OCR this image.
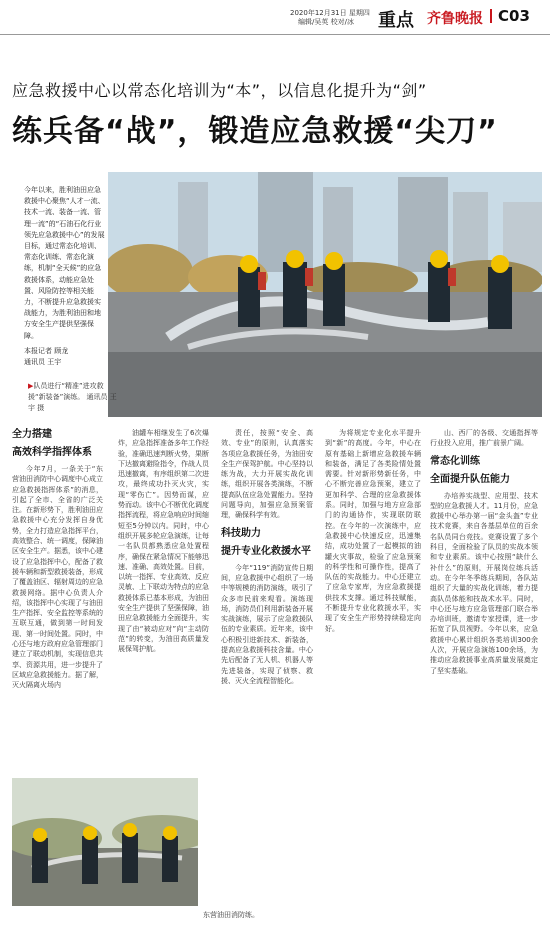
2020年12月31日 星期四
编辑/吴英 校对/冰	重点 齐鲁晚报 C03
应急救援中心以常态化培训为“本”，以信息化提升为“剑”
练兵备“战”，锻造应急救援“尖刀”

今年以来，胜利油田应急救援中心聚焦“人才一流、技术一流、装备一流、管理一流”的“石油石化行业领先应急救援中心”的发展目标，通过常态化培训、常态化训练、常态化演练，机制“全天候”的应急救援体系，动能应急处置、风险防控等相关能力，不断提升应急救援实战能力，为胜利油田和地方安全生产提供坚强保障。

本报记者 顾龙

通讯员 王宇

▶队员进行“精准”进攻救援“新装备”演练。 通讯员 王宇 摄
全力搭建
高效科学指挥体系

今年7月，一条关于“东营油田消防中心调度中心成立应急救援指挥体系”的消息，引起了全市、全省的广泛关注。在新形势下，胜利油田应急救援中心充分发挥自身优势，全力打造应急指挥平台，高效整合、统一调度，保障油区安全生产。据悉，该中心建设了应急指挥中心，配备了救援车辆和新型救援装备，形成了覆盖油区、辐射周边的应急救援网络。据中心负责人介绍，该指挥中心实现了与油田生产指挥、安全监控等系统的互联互通，做到第一时间发现、第一时间处置。同时，中心还与地方政府应急管理部门建立了联动机制，实现信息共享、资源共用，进一步提升了区域应急救援能力。据了解，灭火隔离火场内

油罐车相继发生了6次爆炸，应急指挥准备多年工作经验，准确迅速判断火势，果断下达撤离避险指令，作战人员迅速撤离，有序组织第二次进攻，最终成功扑灭火灾，实现“零伤亡”。因势而谋，应势而动。该中心不断优化调度指挥流程，将应急响应时间缩短至5分钟以内。同时，中心组织开展多轮应急演练，让每一名队员都熟悉应急处置程序，确保在紧急情况下能够迅速、准确、高效处置。目前，以统一指挥、专业高效、反应灵敏、上下联动为特点的应急救援体系已基本形成，为油田安全生产提供了坚强保障，油田应急救援能力全面提升，实现了由“被动应对”向“主动防范”的转变，为油田高质量发展保驾护航。

责任，按照“安全、高效、专业”的原则，认真落实各项应急救援任务，为油田安全生产保驾护航。中心坚持以练为战，大力开展实战化训练，组织开展各类演练，不断提高队伍应急处置能力。坚持问题导向，加强应急预案管理，确保科学有效。

科技助力
提升专业化救援水平

今年“119”消防宣传日期间，应急救援中心组织了一场中等规模的消防演练，吸引了众多市民前来观看。演练现场，消防员们利用新装备开展实战演练，展示了应急救援队伍的专业素质。近年来，该中心积极引进新技术、新装备，提高应急救援科技含量。中心先后配备了无人机、机器人等先进装备，实现了侦察、救援、灭火全流程智能化。

为将规定专业化水平提升到“新”的高度。今年，中心在原有基础上新增应急救援车辆和装备，满足了各类险情处置需要。针对新形势新任务，中心不断完善应急预案，建立了更加科学、合理的应急救援体系。同时，加强与地方应急部门的沟通协作，实现联防联控。在今年的一次演练中，应急救援中心快速反应，迅速集结，成功处置了一起模拟的油罐火灾事故，检验了应急预案的科学性和可操作性，提高了队伍的实战能力。中心还建立了应急专家库，为应急救援提供技术支撑。通过科技赋能，不断提升专业化救援水平，实现了安全生产形势持续稳定向好。

山、西厂的各级、交通指挥等行业投入应用，推广前景广阔。

常态化训练
全面提升队伍能力

办培养实战型、应用型、技术型的应急救援人才。11月份，应急救援中心举办第一届“金头盔”专业技术竞赛，来自各基层单位的百余名队员同台竞技。竞赛设置了多个科目，全面检验了队员的实战本领和专业素质。该中心按照“缺什么补什么”的原则，开展岗位练兵活动。在今年冬季练兵期间，各队站组织了大量的实战化训练，着力提高队员体能和技战术水平。同时，中心还与地方应急管理部门联合举办培训班，邀请专家授课，进一步拓宽了队员视野。今年以来，应急救援中心累计组织各类培训300余人次，开展应急演练100余场，为推动应急救援事业高质量发展奠定了坚实基础。

东营油田消防练。
